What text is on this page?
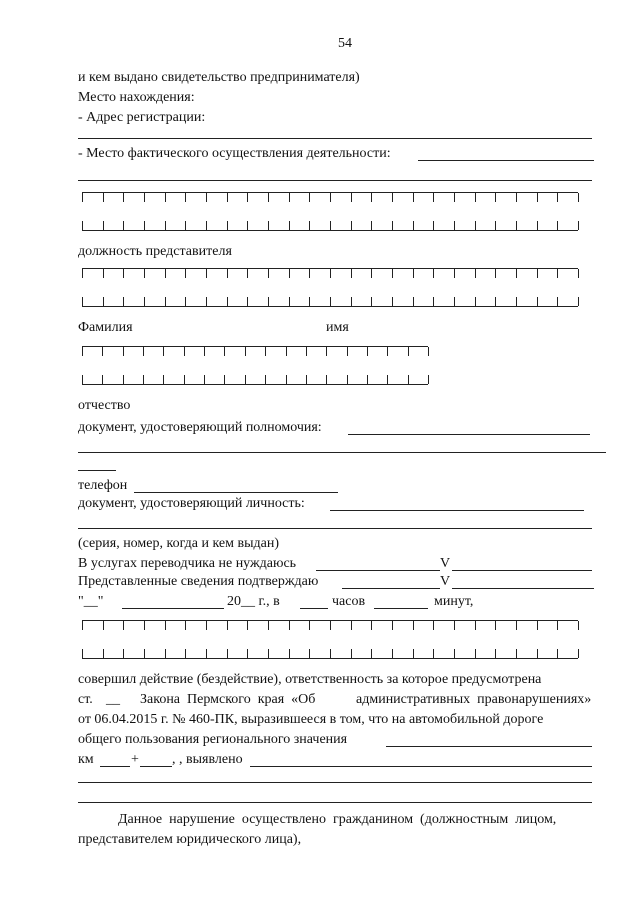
54
и кем выдано свидетельство предпринимателя)
Место нахождения:
- Адрес регистрации:
- Место фактического осуществления деятельности:
должность представителя
Фамилия	имя
отчество
документ, удостоверяющий полномочия:
телефон
документ, удостоверяющий личность:
(серия, номер, когда и кем выдан)
В услугах переводчика не нуждаюсь	V
Представленные сведения подтверждаю	V
"__"	20__ г., в	часов	минут,
совершил действие (бездействие), ответственность за которое предусмотрена
ст. __ Закона  Пермского  края  «Об	административных  правонарушениях»
от 06.04.2015 г. № 460-ПК, выразившееся в том, что на автомобильной дороге
общего пользования регионального значения
км	+ , , выявлено
Данное  нарушение  осуществлено  гражданином  (должностным  лицом,
представителем юридического лица),
